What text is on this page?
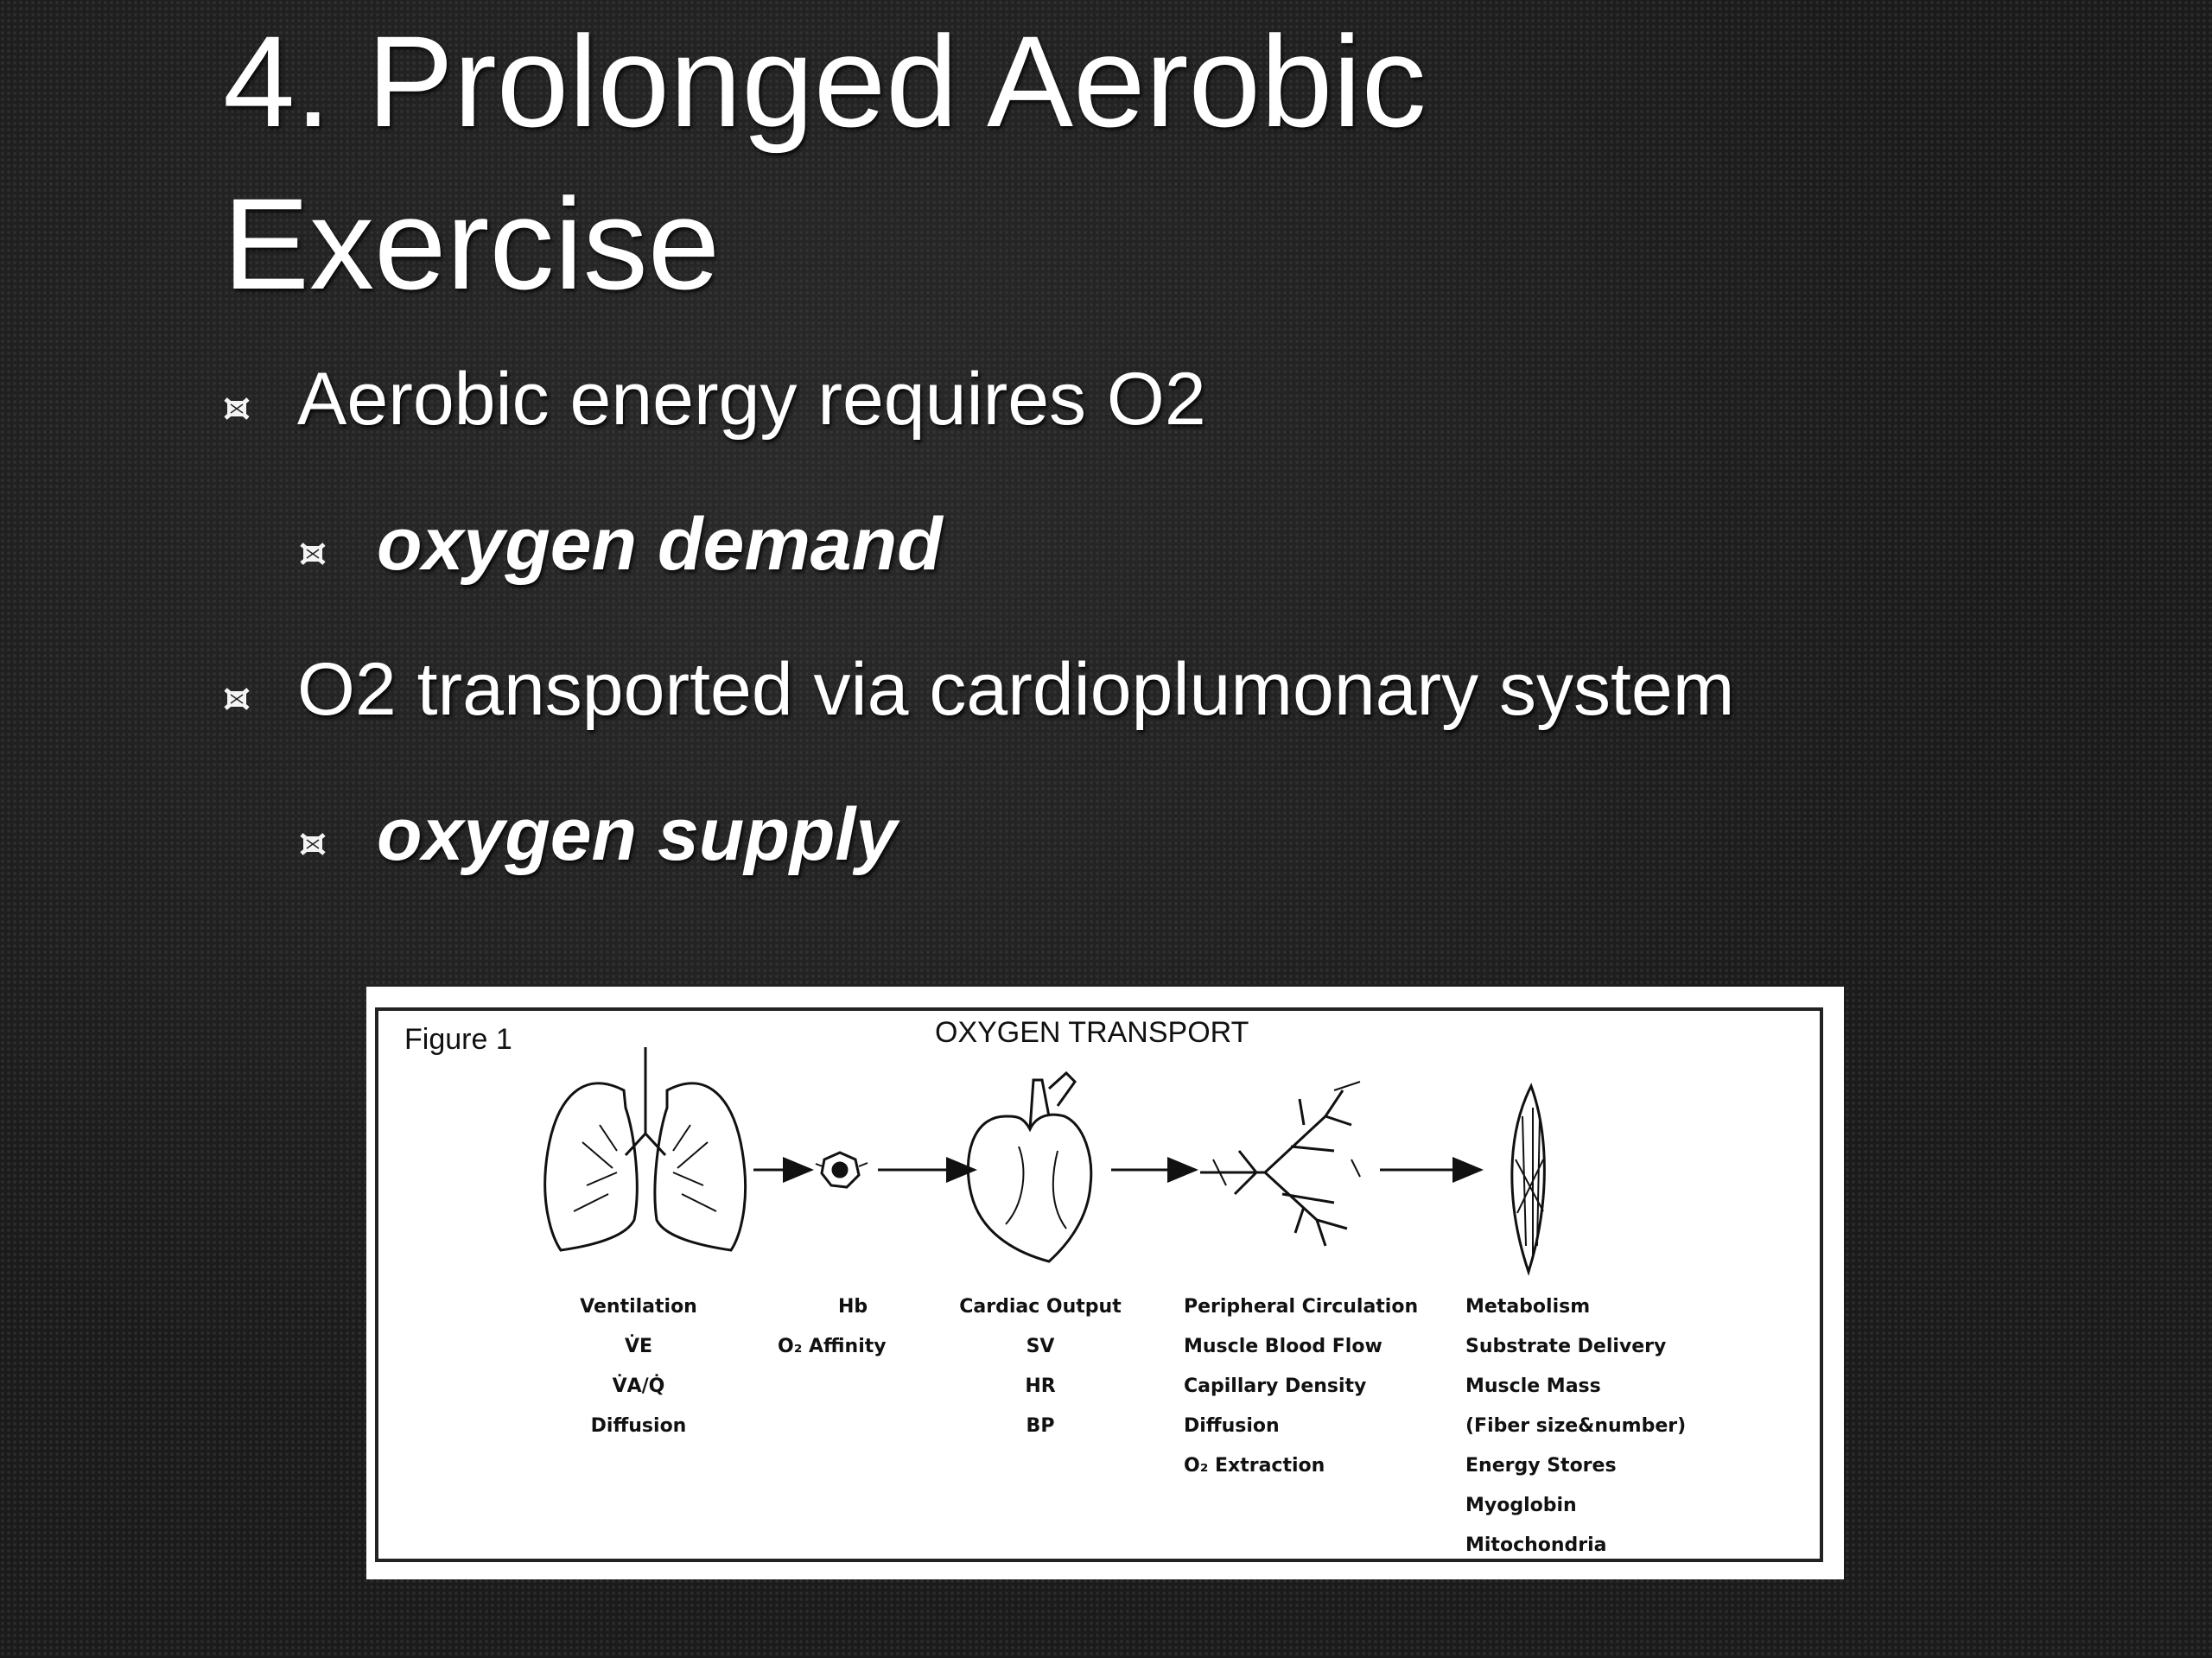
4. Prolonged Aerobic
Exercise
Aerobic energy requires O2
oxygen demand
O2 transported via cardioplumonary system
oxygen supply
Figure 1	OXYGEN TRANSPORT
Ventilation
V̇E
V̇A/Q̇
Diffusion
Hb
O₂ Affinity
Cardiac Output
SV
HR
BP
Peripheral Circulation
Muscle Blood Flow
Capillary Density
Diffusion
O₂ Extraction
Metabolism
Substrate Delivery
Muscle Mass
(Fiber size&number)
Energy Stores
Myoglobin
Mitochondria
